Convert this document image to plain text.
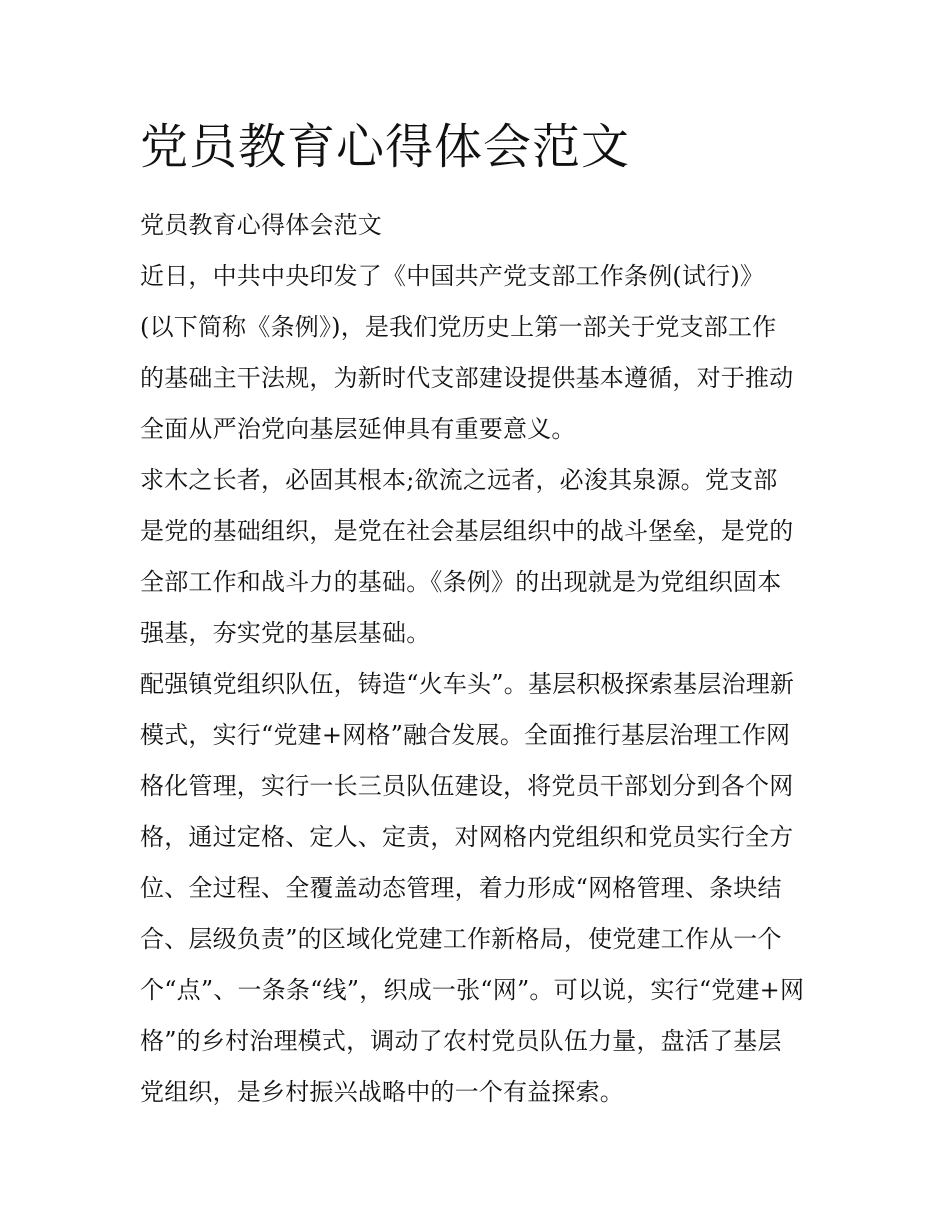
党员教育心得体会范文
党员教育心得体会范文
近日，中共中央印发了《中国共产党支部工作条例(试行)》
(以下简称《条例》)，是我们党历史上第一部关于党支部工作
的基础主干法规，为新时代支部建设提供基本遵循，对于推动
全面从严治党向基层延伸具有重要意义。
求木之长者，必固其根本;欲流之远者，必浚其泉源。党支部
是党的基础组织，是党在社会基层组织中的战斗堡垒，是党的
全部工作和战斗力的基础。《条例》的出现就是为党组织固本
强基，夯实党的基层基础。
配强镇党组织队伍，铸造“火车头”。基层积极探索基层治理新
模式，实行“党建+网格”融合发展。全面推行基层治理工作网
格化管理，实行一长三员队伍建设，将党员干部划分到各个网
格，通过定格、定人、定责，对网格内党组织和党员实行全方
位、全过程、全覆盖动态管理，着力形成“网格管理、条块结
合、层级负责”的区域化党建工作新格局，使党建工作从一个
个“点”、一条条“线”，织成一张“网”。可以说，实行“党建+网
格”的乡村治理模式，调动了农村党员队伍力量，盘活了基层
党组织，是乡村振兴战略中的一个有益探索。
